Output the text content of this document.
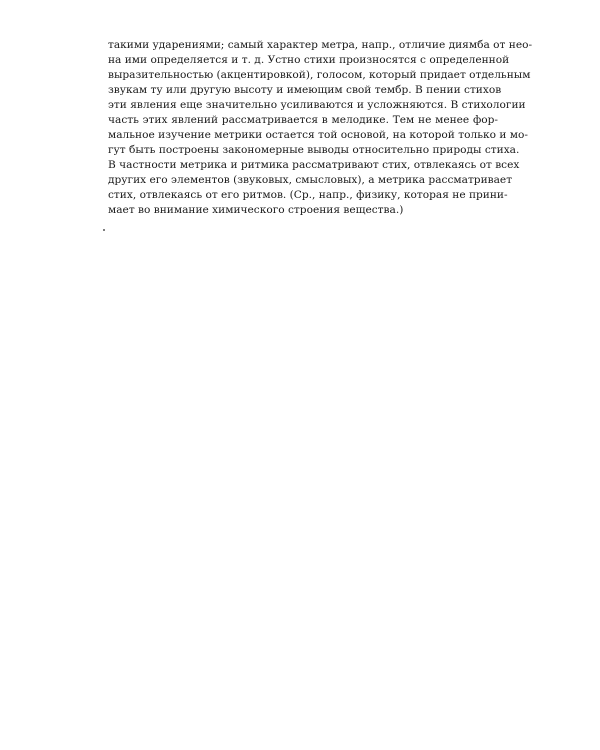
такими ударениями; самый характер метра, напр., отличие диямба от нео-
на ими определяется и т. д. Устно стихи произносятся с определенной
выразительностью (акцентировкой), голосом, который придает отдельным
звукам ту или другую высоту и имеющим свой тембр. В пении стихов
эти явления еще значительно усиливаются и усложняются. В стихологии
часть этих явлений рассматривается в мелодике. Тем не менее фор-
мальное изучение метрики остается той основой, на которой только и мо-
гут быть построены закономерные выводы относительно природы стиха.
В частности метрика и ритмика рассматривают стих, отвлекаясь от всех
других его элементов (звуковых, смысловых), а метрика рассматривает
стих, отвлекаясь от его ритмов. (Ср., напр., физику, которая не прини-
мает во внимание химического строения вещества.)
